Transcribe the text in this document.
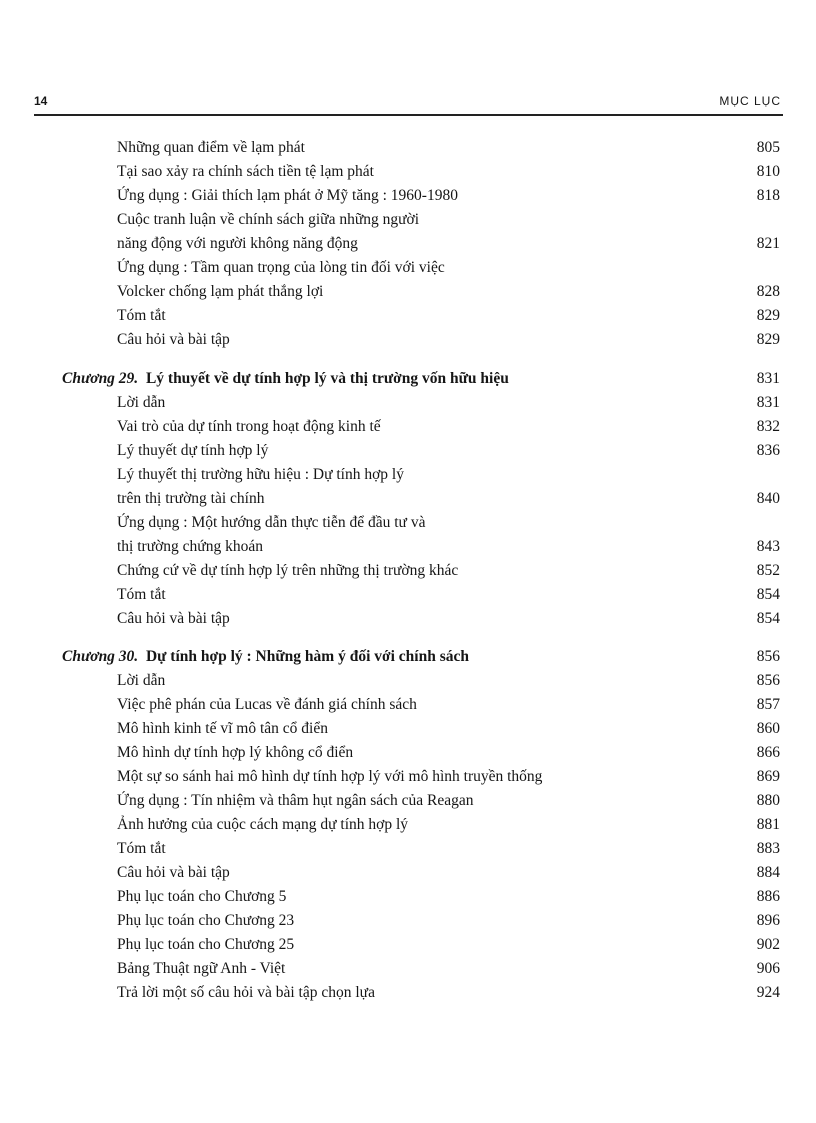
14	MỤC LỤC
Những quan điểm về lạm phát	805
Tại sao xảy ra chính sách tiền tệ lạm phát	810
Ứng dụng : Giải thích lạm phát ở Mỹ tăng : 1960-1980	818
Cuộc tranh luận về chính sách giữa những người
năng động với người không năng động	821
Ứng dụng : Tầm quan trọng của lòng tin đối với việc
Volcker chống lạm phát thắng lợi	828
Tóm tắt	829
Câu hỏi và bài tập	829
Chương 29. Lý thuyết về dự tính hợp lý và thị trường vốn hữu hiệu	831
Lời dẫn	831
Vai trò của dự tính trong hoạt động kinh tế	832
Lý thuyết dự tính hợp lý	836
Lý thuyết thị trường hữu hiệu : Dự tính hợp lý
trên thị trường tài chính	840
Ứng dụng : Một hướng dẫn thực tiễn để đầu tư và
thị trường chứng khoán	843
Chứng cứ về dự tính hợp lý trên những thị trường khác	852
Tóm tắt	854
Câu hỏi và bài tập	854
Chương 30. Dự tính hợp lý : Những hàm ý đối với chính sách	856
Lời dẫn	856
Việc phê phán của Lucas về đánh giá chính sách	857
Mô hình kinh tế vĩ mô tân cổ điển	860
Mô hình dự tính hợp lý không cổ điển	866
Một sự so sánh hai mô hình dự tính hợp lý với mô hình truyền thống	869
Ứng dụng : Tín nhiệm và thâm hụt ngân sách của Reagan	880
Ảnh hưởng của cuộc cách mạng dự tính hợp lý	881
Tóm tắt	883
Câu hỏi và bài tập	884
Phụ lục toán cho Chương 5	886
Phụ lục toán cho Chương 23	896
Phụ lục toán cho Chương 25	902
Bảng Thuật ngữ Anh - Việt	906
Trả lời một số câu hỏi và bài tập chọn lựa	924
